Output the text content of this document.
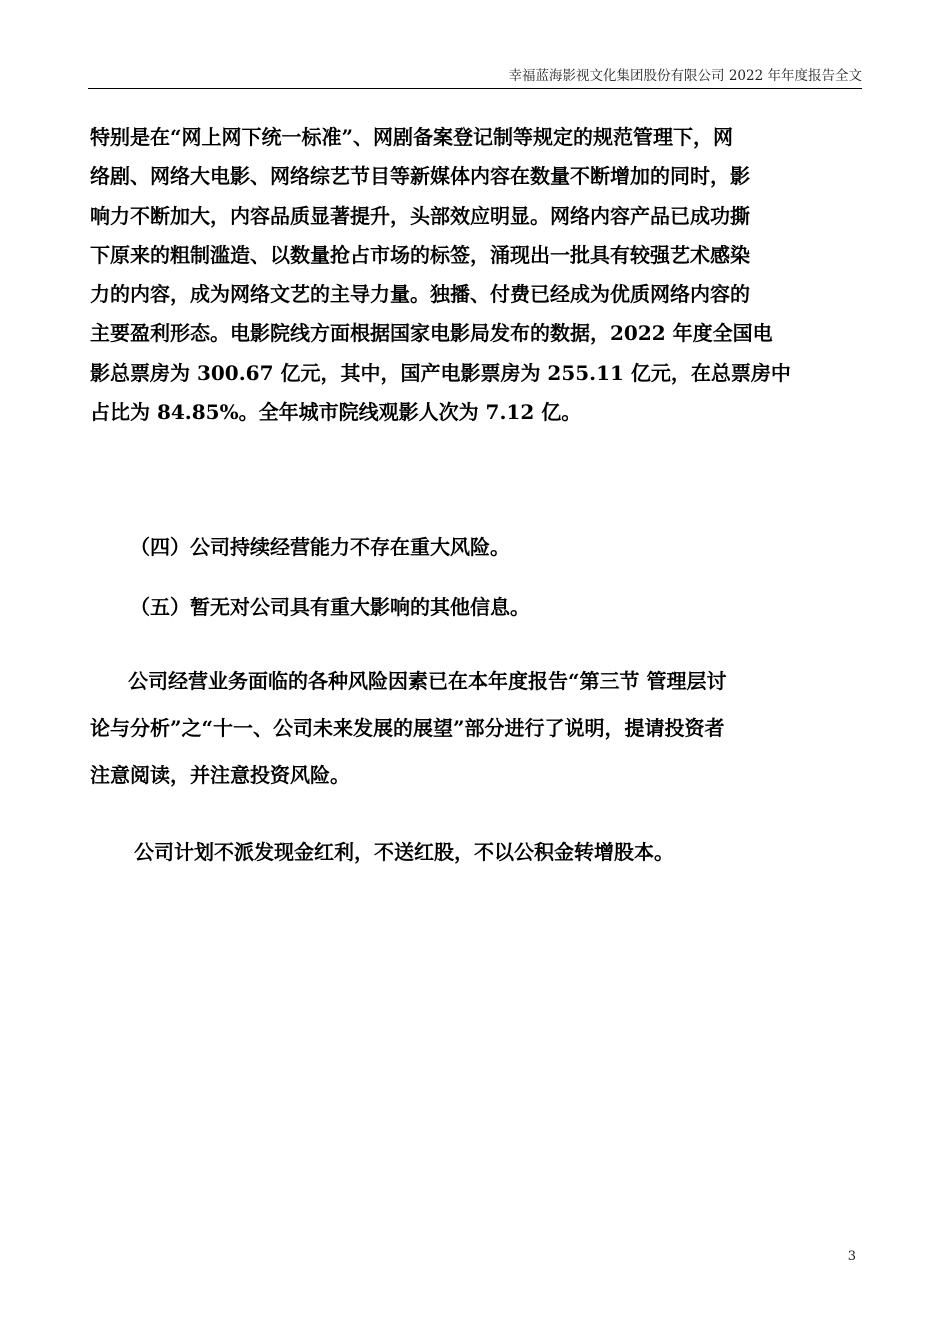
幸福蓝海影视文化集团股份有限公司 2022 年年度报告全文

特别是在“网上网下统一标准”、网剧备案登记制等规定的规范管理下，网
络剧、网络大电影、网络综艺节目等新媒体内容在数量不断增加的同时，影
响力不断加大，内容品质显著提升，头部效应明显。网络内容产品已成功撕
下原来的粗制滥造、以数量抢占市场的标签，涌现出一批具有较强艺术感染
力的内容，成为网络文艺的主导力量。独播、付费已经成为优质网络内容的
主要盈利形态。电影院线方面根据国家电影局发布的数据，2022 年度全国电
影总票房为 300.67 亿元，其中，国产电影票房为 255.11 亿元，在总票房中
占比为 84.85%。全年城市院线观影人次为 7.12 亿。

（四）公司持续经营能力不存在重大风险。

（五）暂无对公司具有重大影响的其他信息。

公司经营业务面临的各种风险因素已在本年度报告“第三节 管理层讨
论与分析”之“十一、公司未来发展的展望”部分进行了说明，提请投资者
注意阅读，并注意投资风险。

公司计划不派发现金红利，不送红股，不以公积金转增股本。

3
